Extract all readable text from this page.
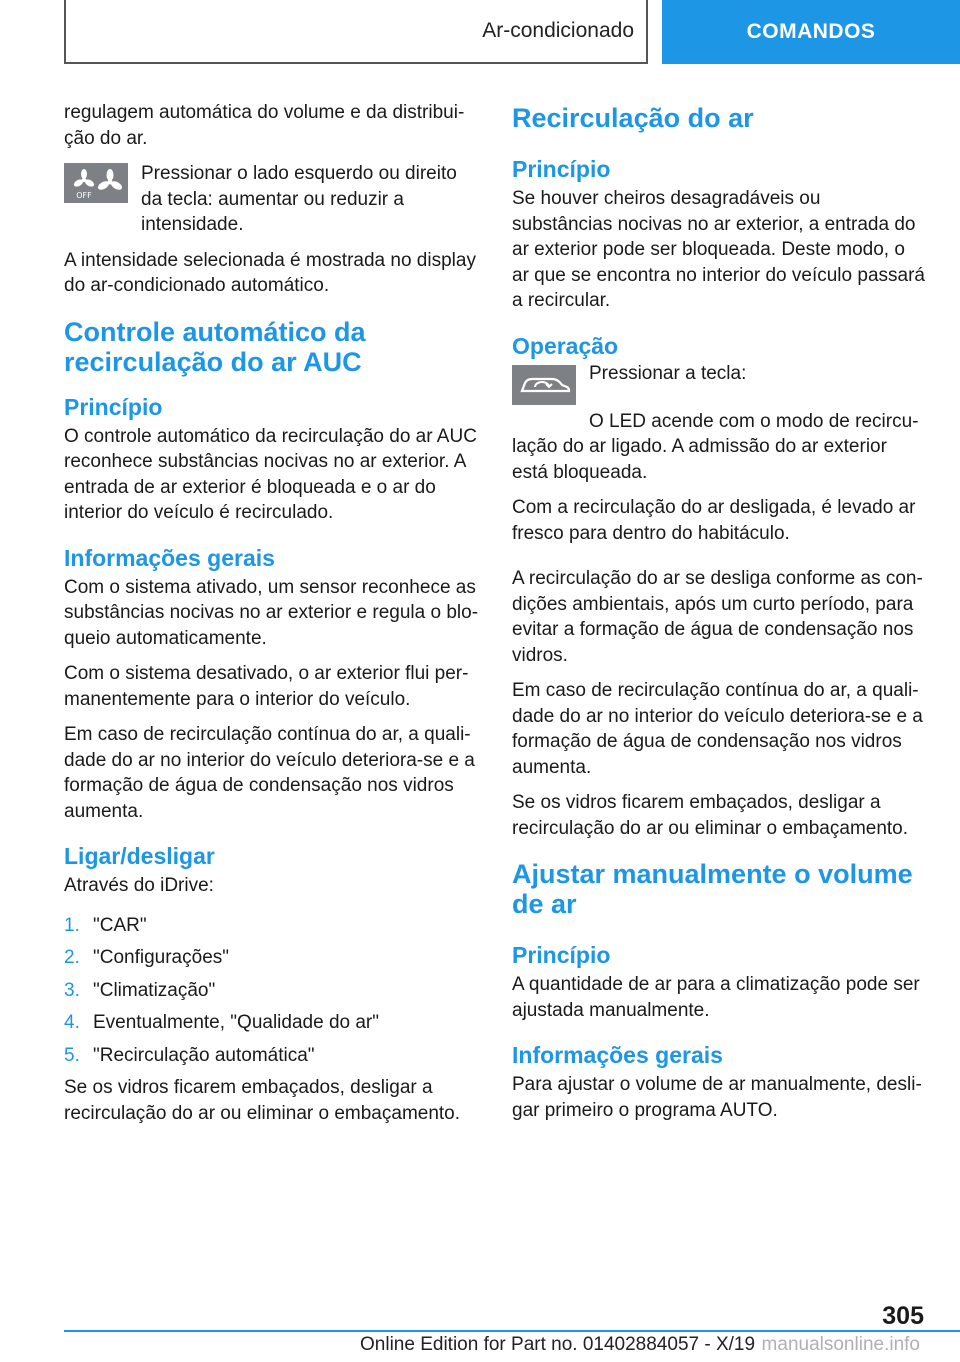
Ar-condicionado	COMANDOS

regulagem automática do volume e da distribuição do ar.

OFF

Pressionar o lado esquerdo ou direito da tecla: aumentar ou reduzir a intensidade.

A intensidade selecionada é mostrada no display do ar-condicionado automático.

Controle automático da recirculação do ar AUC
Princípio

O controle automático da recirculação do ar AUC reconhece substâncias nocivas no ar exterior. A entrada de ar exterior é bloqueada e o ar do interior do veículo é recirculado.

Informações gerais

Com o sistema ativado, um sensor reconhece as substâncias nocivas no ar exterior e regula o bloqueio automaticamente.

Com o sistema desativado, o ar exterior flui permanentemente para o interior do veículo.

Em caso de recirculação contínua do ar, a qualidade do ar no interior do veículo deteriora-se e a formação de água de condensação nos vidros aumenta.

Ligar/desligar

Através do iDrive:

1. "CAR"
2. "Configurações"
3. "Climatização"
4. Eventualmente, "Qualidade do ar"
5. "Recirculação automática"

Se os vidros ficarem embaçados, desligar a recirculação do ar ou eliminar o embaçamento.

Recirculação do ar
Princípio

Se houver cheiros desagradáveis ou substâncias nocivas no ar exterior, a entrada do ar exterior pode ser bloqueada. Deste modo, o ar que se encontra no interior do veículo passará a recircular.

Operação

Pressionar a tecla:

O LED acende com o modo de recirculação do ar ligado. A admissão do ar exterior está bloqueada.

Com a recirculação do ar desligada, é levado ar fresco para dentro do habitáculo.

A recirculação do ar se desliga conforme as condições ambientais, após um curto período, para evitar a formação de água de condensação nos vidros.

Em caso de recirculação contínua do ar, a qualidade do ar no interior do veículo deteriora-se e a formação de água de condensação nos vidros aumenta.

Se os vidros ficarem embaçados, desligar a recirculação do ar ou eliminar o embaçamento.

Ajustar manualmente o volume de ar
Princípio

A quantidade de ar para a climatização pode ser ajustada manualmente.

Informações gerais

Para ajustar o volume de ar manualmente, desligar primeiro o programa AUTO.

305
Online Edition for Part no. 01402884057 - X/19 manualsonline.info
